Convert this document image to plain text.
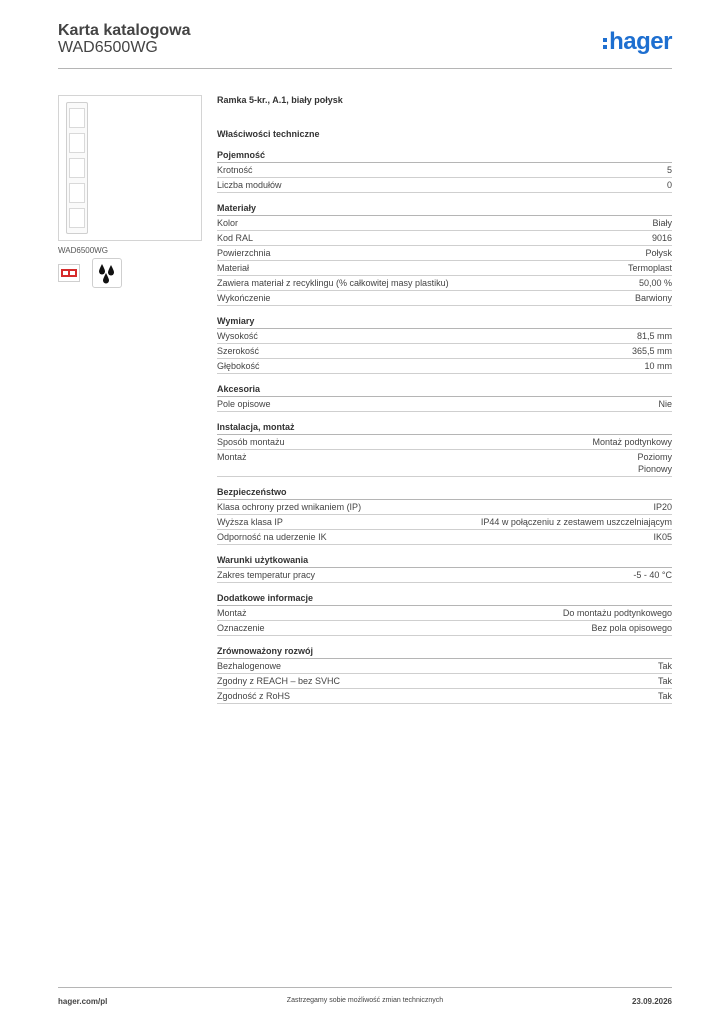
Karta katalogowa
WAD6500WG	hager
WAD6500WG
Ramka 5-kr., A.1, biały połysk
Właściwości techniczne
Pojemność
Krotność	5
Liczba modułów	0
Materiały
Kolor	Biały
Kod RAL	9016
Powierzchnia	Połysk
Materiał	Termoplast
Zawiera materiał z recyklingu (% całkowitej masy plastiku)	50,00 %
Wykończenie	Barwiony
Wymiary
Wysokość	81,5 mm
Szerokość	365,5 mm
Głębokość	10 mm
Akcesoria
Pole opisowe	Nie
Instalacja, montaż
Sposób montażu	Montaż podtynkowy
Montaż	Poziomy
Pionowy
Bezpieczeństwo
Klasa ochrony przed wnikaniem (IP)	IP20
Wyższa klasa IP	IP44 w połączeniu z zestawem uszczelniającym
Odporność na uderzenie IK	IK05
Warunki użytkowania
Zakres temperatur pracy	-5 - 40 °C
Dodatkowe informacje
Montaż	Do montażu podtynkowego
Oznaczenie	Bez pola opisowego
Zrównoważony rozwój
Bezhalogenowe	Tak
Zgodny z REACH – bez SVHC	Tak
Zgodność z RoHS	Tak
hager.com/pl	Zastrzegamy sobie możliwość zmian technicznych	23.09.2026
